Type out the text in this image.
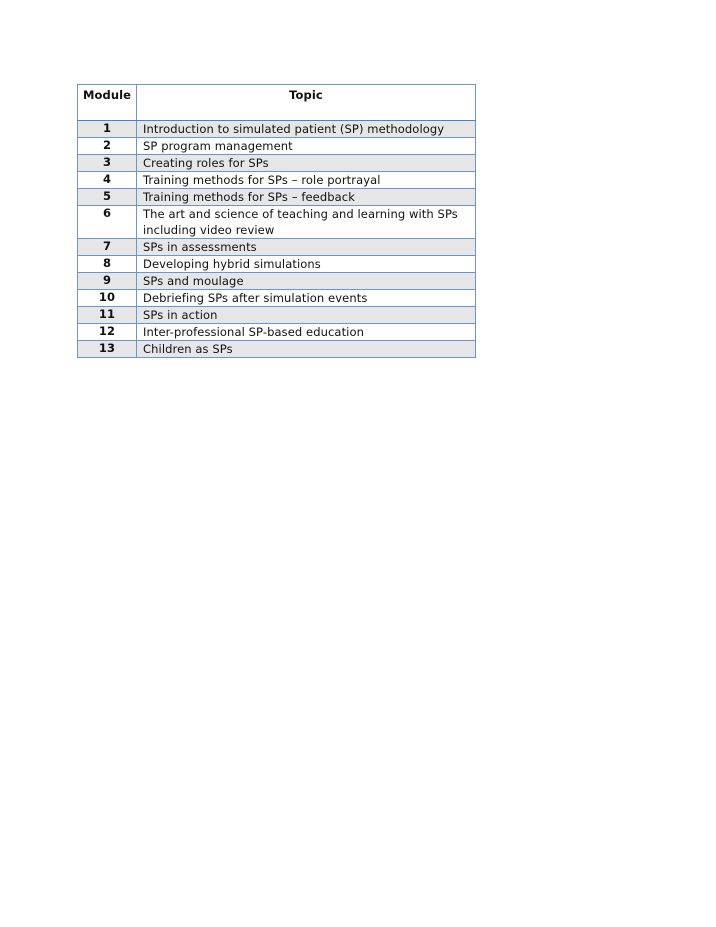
Module	Topic
1	Introduction to simulated patient (SP) methodology
2	SP program management
3	Creating roles for SPs
4	Training methods for SPs – role portrayal
5	Training methods for SPs – feedback
6	The art and science of teaching and learning with SPs including video review
7	SPs in assessments
8	Developing hybrid simulations
9	SPs and moulage
10	Debriefing SPs after simulation events
11	SPs in action
12	Inter-professional SP-based education
13	Children as SPs
